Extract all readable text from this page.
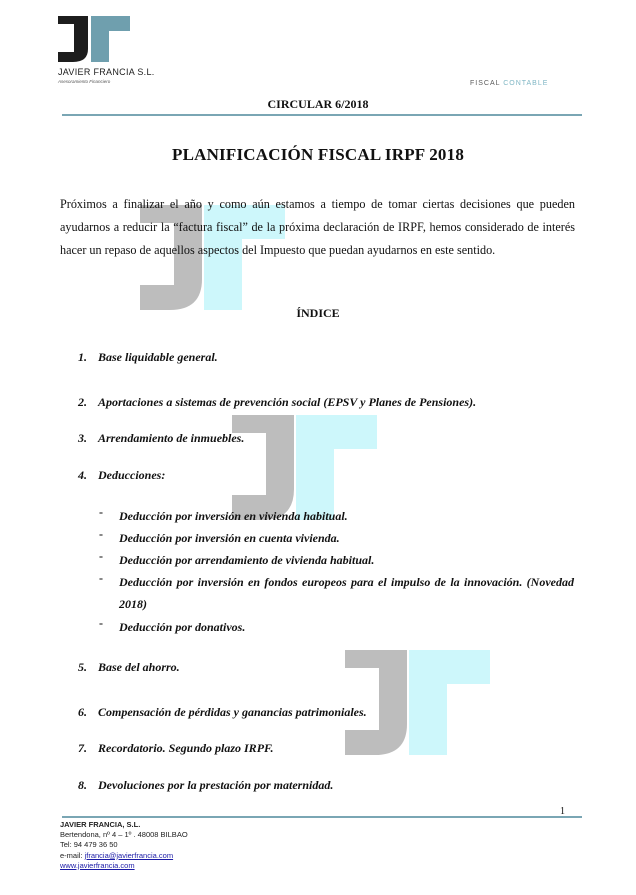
JAVIER FRANCIA S.L.
Asesoramiento Financiero	FISCAL CONTABLE
CIRCULAR 6/2018
PLANIFICACIÓN FISCAL IRPF 2018
Próximos a finalizar el año y como aún estamos a tiempo de tomar ciertas decisiones que pueden ayudarnos a reducir la “factura fiscal” de la próxima declaración de IRPF, hemos considerado de interés hacer un repaso de aquellos aspectos del Impuesto que puedan ayudarnos en este sentido.
ÍNDICE
1. Base liquidable general.
2. Aportaciones a sistemas de prevención social (EPSV y Planes de Pensiones).
3. Arrendamiento de inmuebles.
4. Deducciones:
- Deducción por inversión en vivienda habitual.
- Deducción por inversión en cuenta vivienda.
- Deducción por arrendamiento de vivienda habitual.
- Deducción por inversión en fondos europeos para el impulso de la innovación. (Novedad 2018)
- Deducción por donativos.
5. Base del ahorro.
6. Compensación de pérdidas y ganancias patrimoniales.
7. Recordatorio. Segundo plazo IRPF.
8. Devoluciones por la prestación por maternidad.
1
JAVIER FRANCIA, S.L.
Bertendona, nº 4 – 1º . 48008 BILBAO
Tel: 94 479 36 50
e-mail: jfrancia@javierfrancia.com
www.javierfrancia.com
